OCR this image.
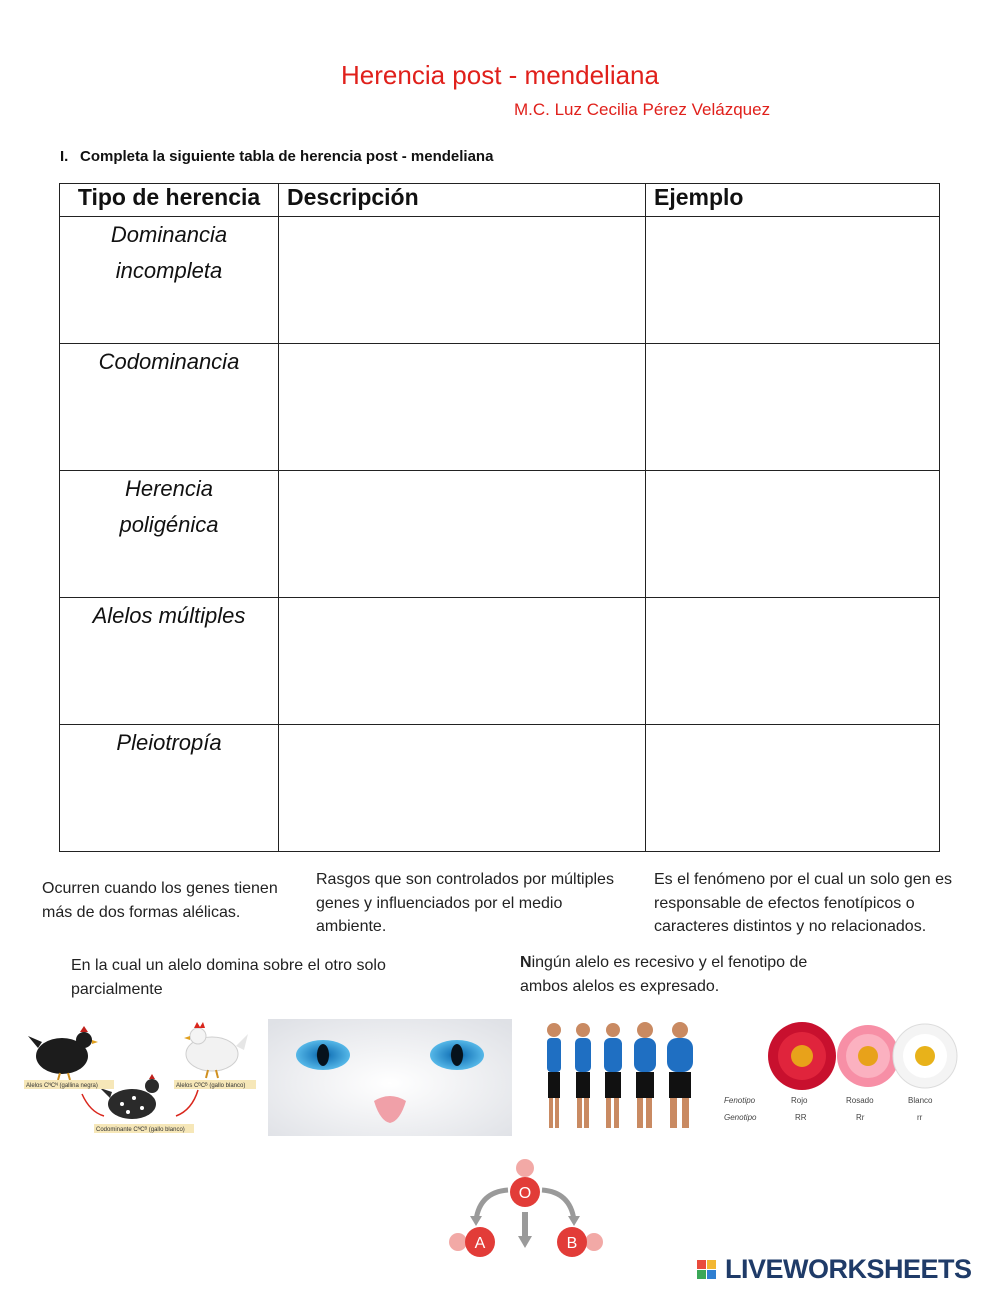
Herencia post - mendeliana
M.C. Luz Cecilia Pérez Velázquez
I. Completa la siguiente tabla de herencia post - mendeliana
Tipo de herencia	Descripción	Ejemplo
Dominancia incompleta	

Codominancia	

Herencia poligénica	

Alelos múltiples	

Pleiotropía	

Ocurren cuando los genes tienen más de dos formas alélicas.
Rasgos que son controlados por múltiples genes y influenciados por el medio ambiente.
Es el fenómeno por el cual un solo gen es responsable de efectos fenotípicos o caracteres distintos y no relacionados.
En la cual un alelo domina sobre el otro solo parcialmente
Ningún alelo es recesivo y el fenotipo de ambos alelos es expresado.
Alelos CᴺCᴺ (gallina negra)	Alelos CᴮCᴮ (gallo blanco)
Codominante CᴺCᴮ (gallo blanco)
Fenotipo
Genotipo
Rojo	Rosado	Blanco
RR	Rr	rr
O
A	B
LIVEWORKSHEETS
